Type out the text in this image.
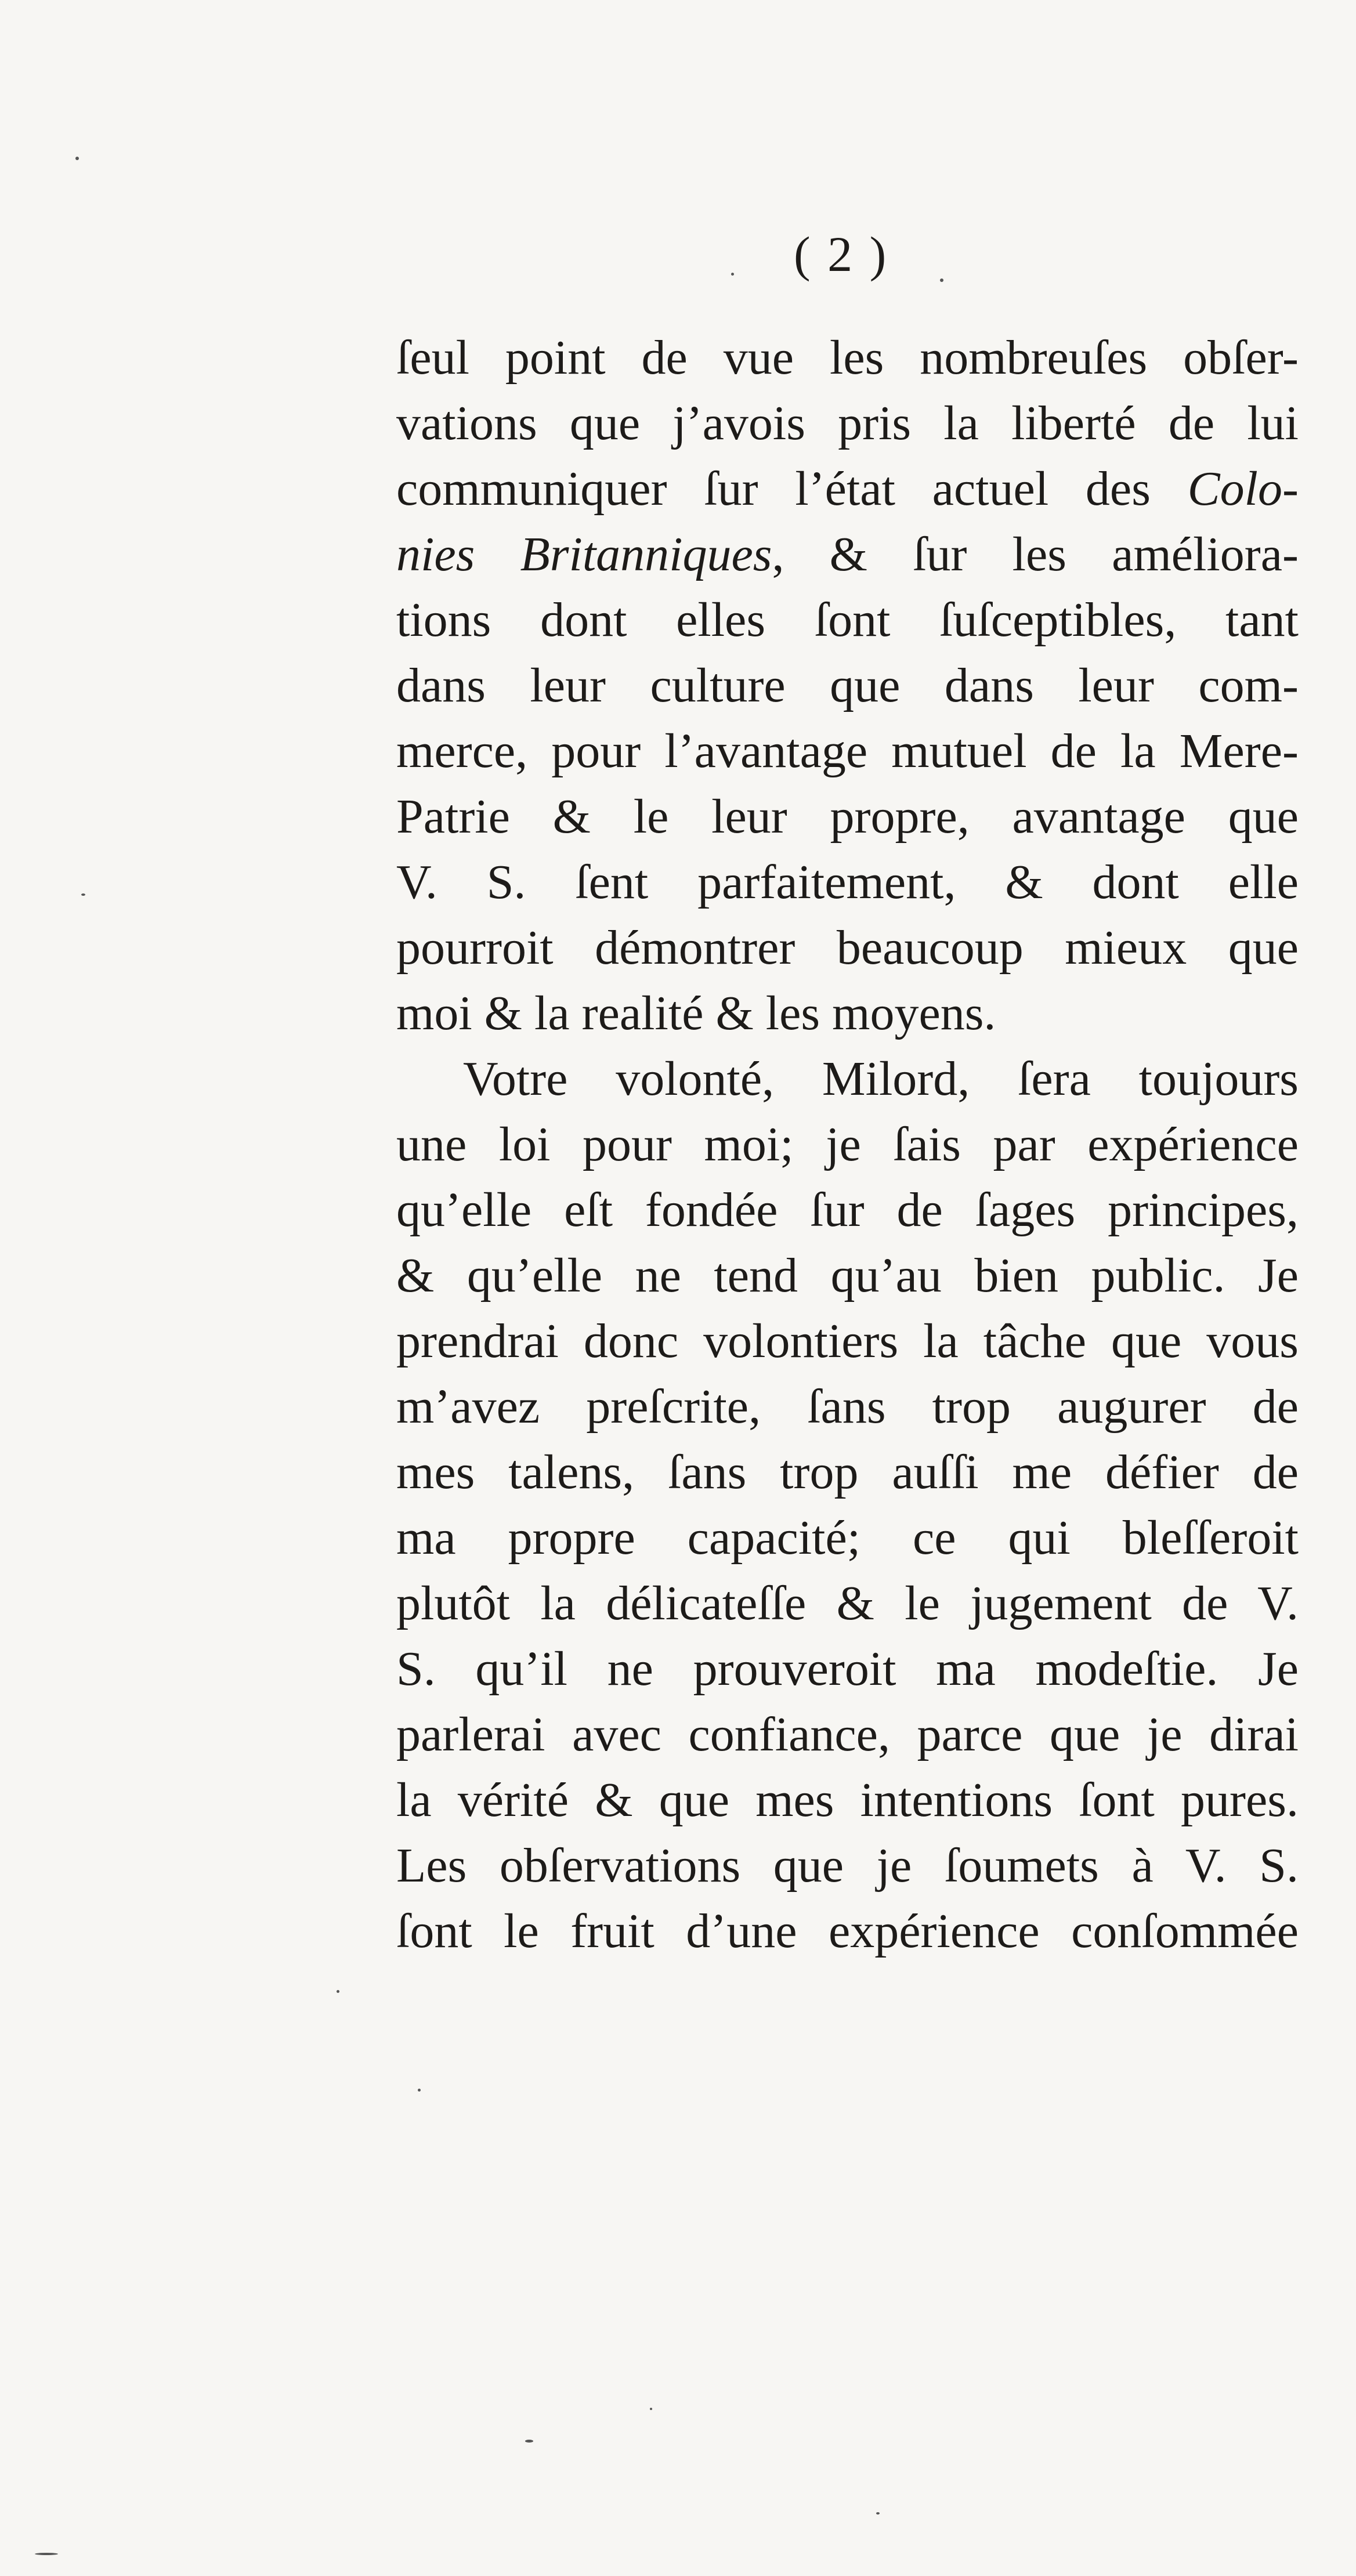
( 2 )
ſeul point de vue les nombreuſes obſer-
vations que j’avois pris la liberté de lui
communiquer ſur l’état actuel des Colo-
nies Britanniques, & ſur les améliora-
tions dont elles ſont ſuſceptibles, tant
dans leur culture que dans leur com-
merce, pour l’avantage mutuel de la Mere-
Patrie & le leur propre, avantage que
V. S. ſent parfaitement, & dont elle
pourroit démontrer beaucoup mieux que
moi & la realité & les moyens.
Votre volonté, Milord, ſera toujours
une loi pour moi; je ſais par expérience
qu’elle eſt fondée ſur de ſages principes,
& qu’elle ne tend qu’au bien public. Je
prendrai donc volontiers la tâche que vous
m’avez preſcrite, ſans trop augurer de
mes talens, ſans trop auſſi me défier de
ma propre capacité; ce qui bleſſeroit
plutôt la délicateſſe & le jugement de V.
S. qu’il ne prouveroit ma modeſtie. Je
parlerai avec confiance, parce que je dirai
la vérité & que mes intentions ſont pures.
Les obſervations que je ſoumets à V. S.
ſont le fruit d’une expérience conſommée
